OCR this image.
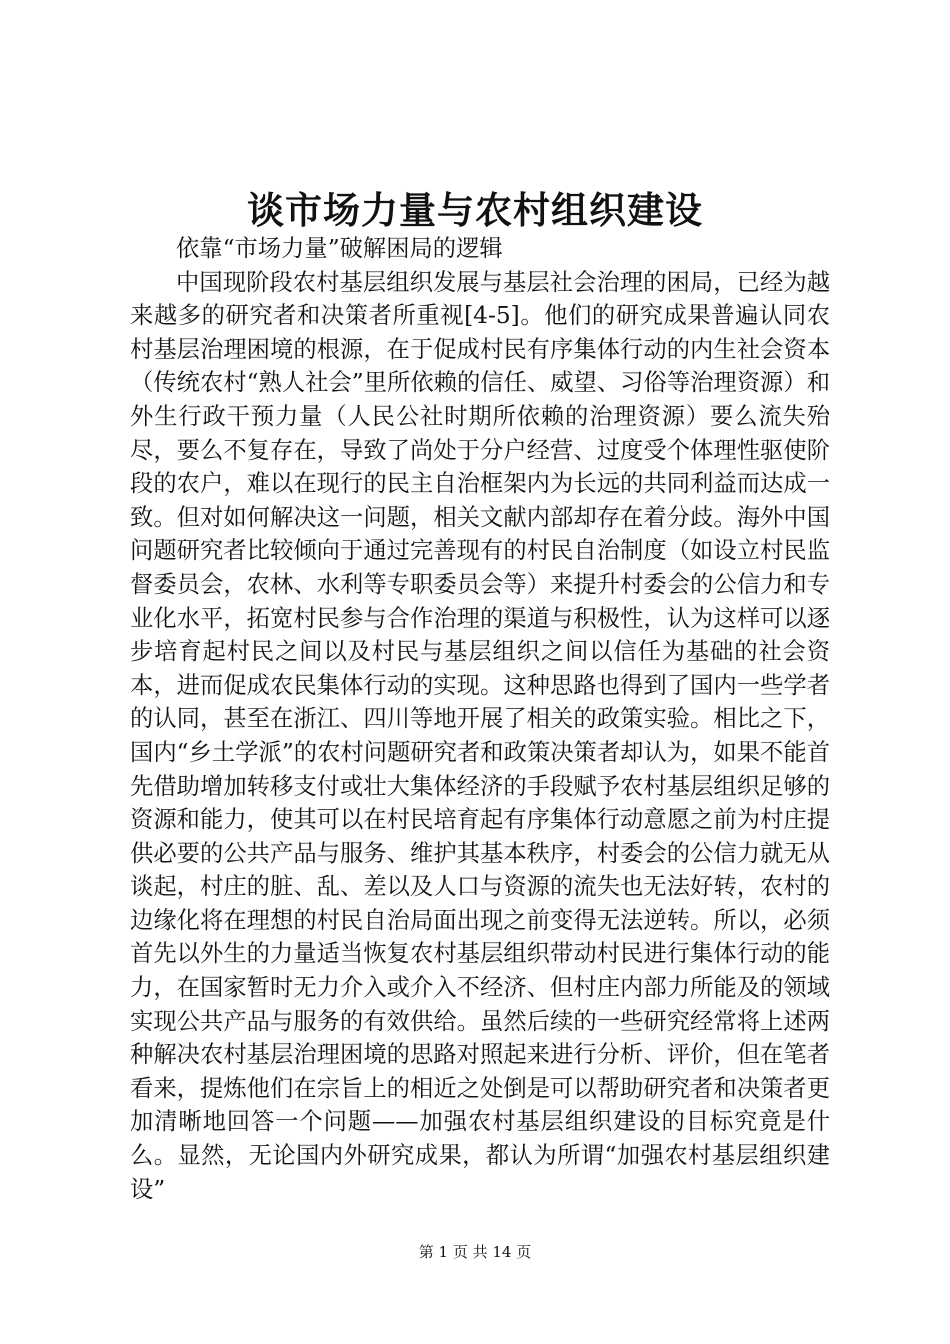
谈市场力量与农村组织建设

依靠“市场力量”破解困局的逻辑

中国现阶段农村基层组织发展与基层社会治理的困局，已经为越来越多的研究者和决策者所重视[4-5]。他们的研究成果普遍认同农村基层治理困境的根源，在于促成村民有序集体行动的内生社会资本（传统农村“熟人社会”里所依赖的信任、威望、习俗等治理资源）和外生行政干预力量（人民公社时期所依赖的治理资源）要么流失殆尽，要么不复存在，导致了尚处于分户经营、过度受个体理性驱使阶段的农户，难以在现行的民主自治框架内为长远的共同利益而达成一致。但对如何解决这一问题，相关文献内部却存在着分歧。海外中国问题研究者比较倾向于通过完善现有的村民自治制度（如设立村民监督委员会，农林、水利等专职委员会等）来提升村委会的公信力和专业化水平，拓宽村民参与合作治理的渠道与积极性，认为这样可以逐步培育起村民之间以及村民与基层组织之间以信任为基础的社会资本，进而促成农民集体行动的实现。这种思路也得到了国内一些学者的认同，甚至在浙江、四川等地开展了相关的政策实验。相比之下，国内“乡土学派”的农村问题研究者和政策决策者却认为，如果不能首先借助增加转移支付或壮大集体经济的手段赋予农村基层组织足够的资源和能力，使其可以在村民培育起有序集体行动意愿之前为村庄提供必要的公共产品与服务、维护其基本秩序，村委会的公信力就无从谈起，村庄的脏、乱、差以及人口与资源的流失也无法好转，农村的边缘化将在理想的村民自治局面出现之前变得无法逆转。所以，必须首先以外生的力量适当恢复农村基层组织带动村民进行集体行动的能力，在国家暂时无力介入或介入不经济、但村庄内部力所能及的领域实现公共产品与服务的有效供给。虽然后续的一些研究经常将上述两种解决农村基层治理困境的思路对照起来进行分析、评价，但在笔者看来，提炼他们在宗旨上的相近之处倒是可以帮助研究者和决策者更加清晰地回答一个问题——加强农村基层组织建设的目标究竟是什么。显然，无论国内外研究成果，都认为所谓“加强农村基层组织建设”

第 1 页 共 14 页
